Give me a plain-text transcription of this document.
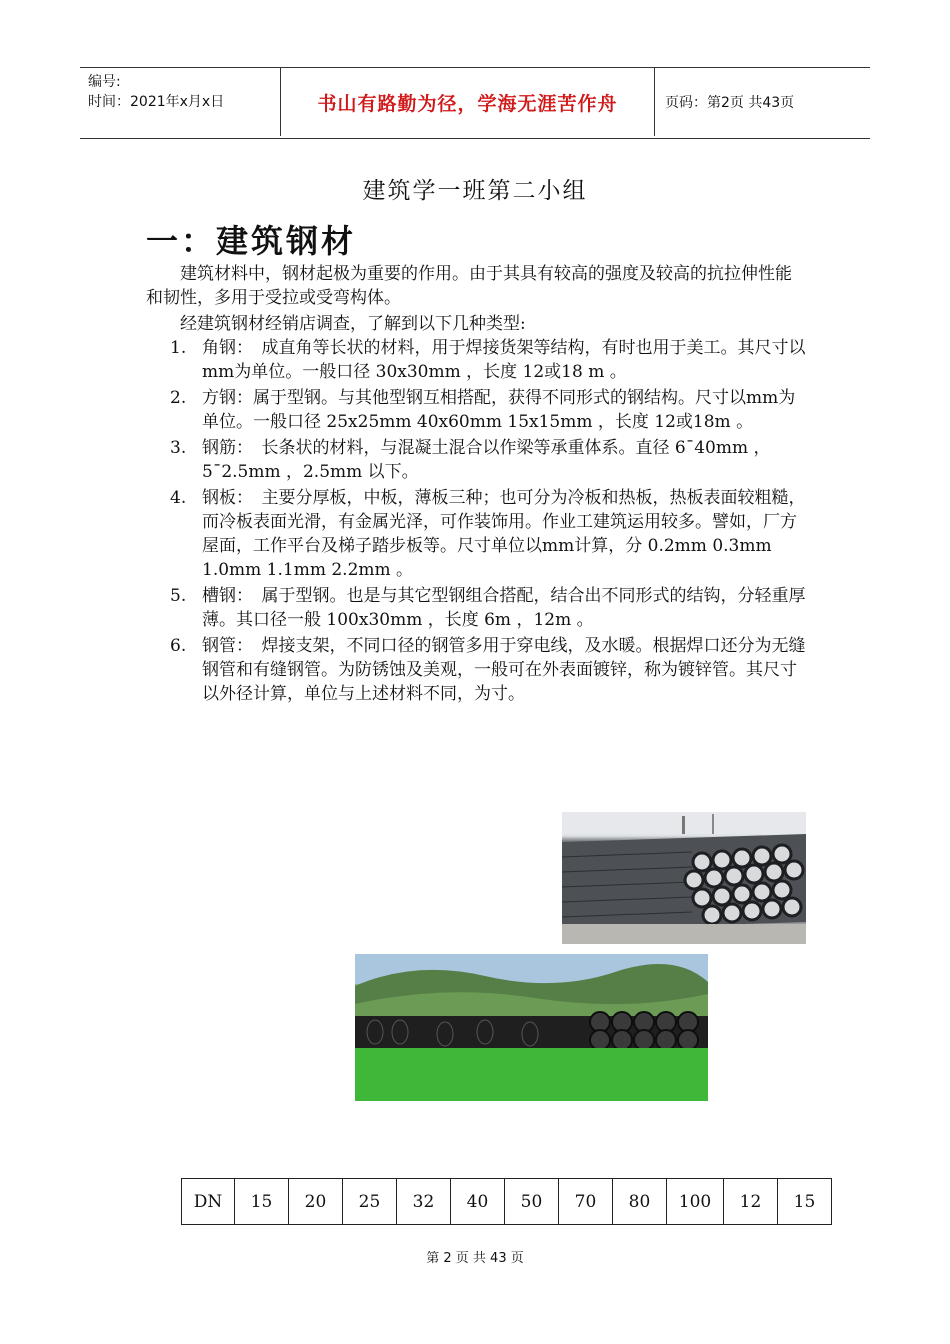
编号:
时间：2021年x月x日	书山有路勤为径，学海无涯苦作舟	页码：第2页 共43页
建筑学一班第二小组
一：建筑钢材
　　建筑材料中，钢材起极为重要的作用。由于其具有较高的强度及较高的抗拉伸性能和韧性，多用于受拉或受弯构体。
　　经建筑钢材经销店调查，了解到以下几种类型:
1. 角钢：　成直角等长状的材料，用于焊接货架等结构，有时也用于美工。其尺寸以mm为单位。一般口径 30x30mm ，长度 12或18 m 。
2. 方钢：属于型钢。与其他型钢互相搭配，获得不同形式的钢结构。尺寸以mm为单位。一般口径 25x25mm 40x60mm 15x15mm ，长度 12或18m 。
3. 钢筋：　长条状的材料，与混凝土混合以作梁等承重体系。直径 6¯40mm ，5¯2.5mm ，2.5mm 以下。
4. 钢板：　主要分厚板，中板，薄板三种；也可分为冷板和热板，热板表面较粗糙，而冷板表面光滑，有金属光泽，可作装饰用。作业工建筑运用较多。譬如，厂方屋面，工作平台及梯子踏步板等。尺寸单位以mm计算，分 0.2mm 0.3mm 1.0mm 1.1mm 2.2mm 。
5. 槽钢：　属于型钢。也是与其它型钢组合搭配，结合出不同形式的结钩，分轻重厚薄。其口径一般 100x30mm ，长度 6m ，12m 。
6. 钢管：　焊接支架，不同口径的钢管多用于穿电线，及水暖。根据焊口还分为无缝钢管和有缝钢管。为防锈蚀及美观，一般可在外表面镀锌，称为镀锌管。其尺寸以外径计算，单位与上述材料不同，为寸。
DN	15	20	25	32	40	50	70	80	100	12	15
第 2 页 共 43 页
